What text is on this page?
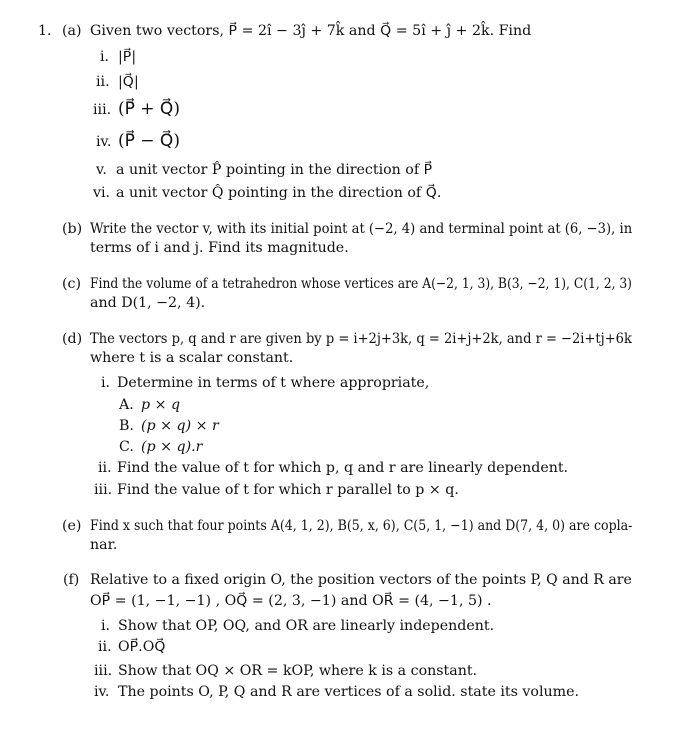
1. (a) Given two vectors, P⃗ = 2î − 3ĵ + 7k̂ and Q⃗ = 5î + ĵ + 2k̂. Find
i. |P⃗|
ii. |Q⃗|
iii. (P⃗ + Q⃗)
iv. (P⃗ − Q⃗)
v. a unit vector P̂ pointing in the direction of P⃗
vi. a unit vector Q̂ pointing in the direction of Q⃗.
(b) Write the vector v, with its initial point at (−2, 4) and terminal point at (6, −3), in
terms of i and j. Find its magnitude.
(c) Find the volume of a tetrahedron whose vertices are A(−2, 1, 3), B(3, −2, 1), C(1, 2, 3)
and D(1, −2, 4).
(d) The vectors p, q and r are given by p = i+2j+3k, q = 2i+j+2k, and r = −2i+tj+6k
where t is a scalar constant.
i. Determine in terms of t where appropriate,
A. p × q
B. (p × q) × r
C. (p × q).r
ii. Find the value of t for which p, q and r are linearly dependent.
iii. Find the value of t for which r parallel to p × q.
(e) Find x such that four points A(4, 1, 2), B(5, x, 6), C(5, 1, −1) and D(7, 4, 0) are copla-
nar.
(f) Relative to a fixed origin O, the position vectors of the points P, Q and R are
OP⃗ = (1, −1, −1) , OQ⃗ = (2, 3, −1) and OR⃗ = (4, −1, 5) .
i. Show that OP, OQ, and OR are linearly independent.
ii. OP⃗.OQ⃗
iii. Show that OQ × OR = kOP, where k is a constant.
iv. The points O, P, Q and R are vertices of a solid. state its volume.
